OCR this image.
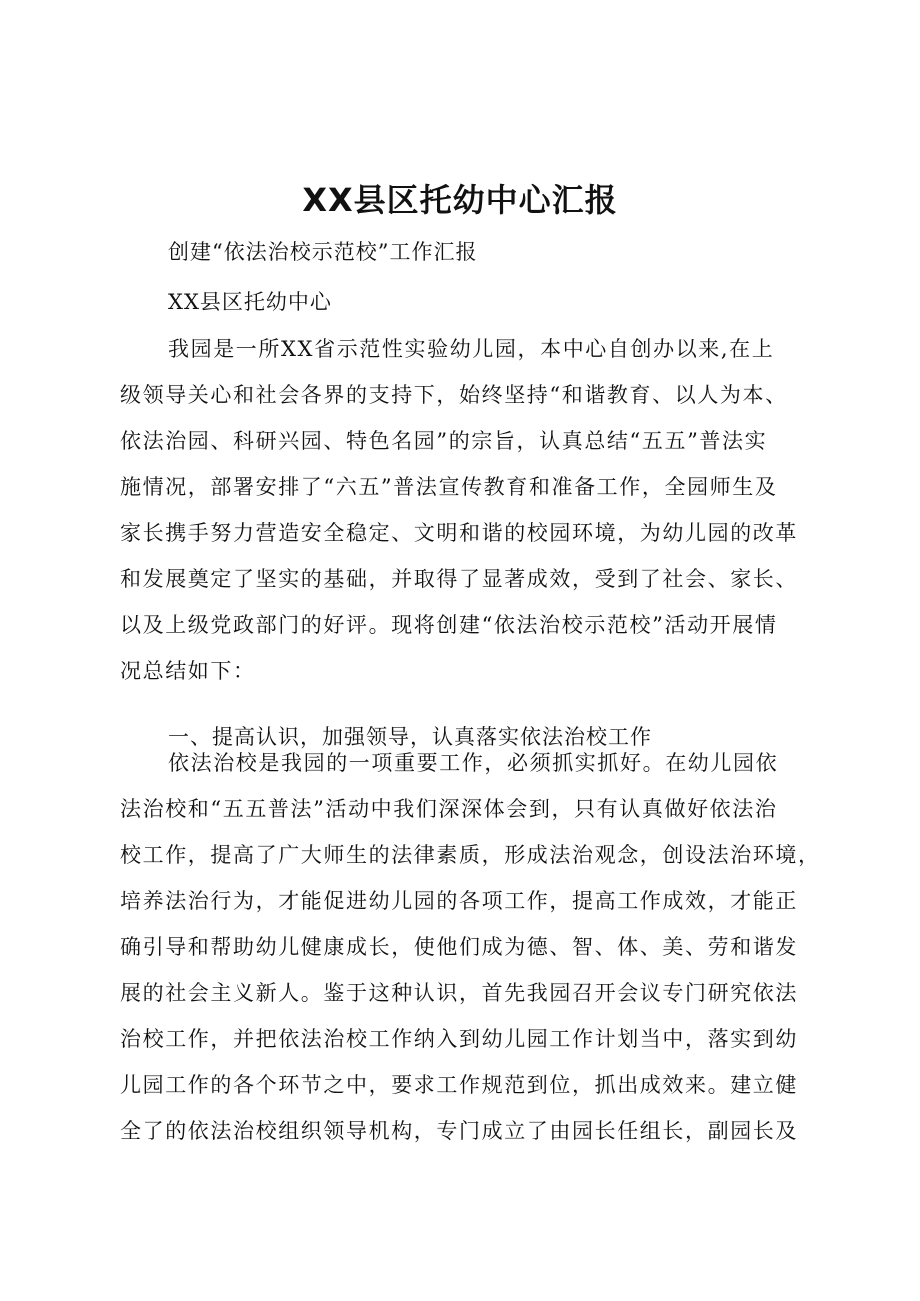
XX县区托幼中心汇报

创建“依法治校示范校”工作汇报

XX县区托幼中心

我园是一所XX省示范性实验幼儿园，本中心自创办以来,在上
级领导关心和社会各界的支持下，始终坚持“和谐教育、以人为本、
依法治园、科研兴园、特色名园”的宗旨，认真总结“五五”普法实
施情况，部署安排了“六五”普法宣传教育和准备工作，全园师生及
家长携手努力营造安全稳定、文明和谐的校园环境，为幼儿园的改革
和发展奠定了坚实的基础，并取得了显著成效，受到了社会、家长、
以及上级党政部门的好评。现将创建“依法治校示范校”活动开展情
况总结如下：

一、提高认识，加强领导，认真落实依法治校工作

依法治校是我园的一项重要工作，必须抓实抓好。在幼儿园依
法治校和“五五普法”活动中我们深深体会到，只有认真做好依法治
校工作，提高了广大师生的法律素质，形成法治观念，创设法治环境，
培养法治行为，才能促进幼儿园的各项工作，提高工作成效，才能正
确引导和帮助幼儿健康成长，使他们成为德、智、体、美、劳和谐发
展的社会主义新人。鉴于这种认识，首先我园召开会议专门研究依法
治校工作，并把依法治校工作纳入到幼儿园工作计划当中，落实到幼
儿园工作的各个环节之中，要求工作规范到位，抓出成效来。建立健
全了的依法治校组织领导机构，专门成立了由园长任组长，副园长及
